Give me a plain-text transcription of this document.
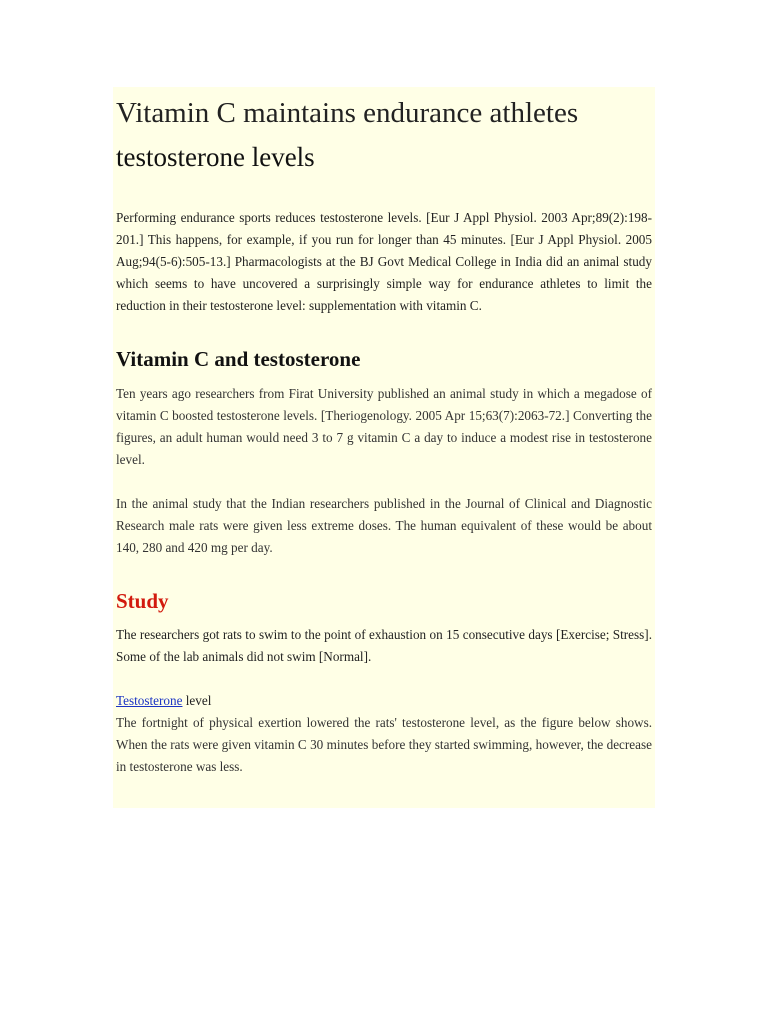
Vitamin C maintains endurance athletes
testosterone levels

Performing endurance sports reduces testosterone levels. [Eur J Appl Physiol. 2003 Apr;89(2):198-201.] This happens, for example, if you run for longer than 45 minutes. [Eur J Appl Physiol. 2005 Aug;94(5-6):505-13.] Pharmacologists at the BJ Govt Medical College in India did an animal study which seems to have uncovered a surprisingly simple way for endurance athletes to limit the reduction in their testosterone level: supplementation with vitamin C.

Vitamin C and testosterone

Ten years ago researchers from Firat University published an animal study in which a megadose of vitamin C boosted testosterone levels. [Theriogenology. 2005 Apr 15;63(7):2063-72.] Converting the figures, an adult human would need 3 to 7 g vitamin C a day to induce a modest rise in testosterone level.

In the animal study that the Indian researchers published in the Journal of Clinical and Diagnostic Research male rats were given less extreme doses. The human equivalent of these would be about 140, 280 and 420 mg per day.

Study

The researchers got rats to swim to the point of exhaustion on 15 consecutive days [Exercise; Stress]. Some of the lab animals did not swim [Normal].

Testosterone level

The fortnight of physical exertion lowered the rats' testosterone level, as the figure below shows. When the rats were given vitamin C 30 minutes before they started swimming, however, the decrease in testosterone was less.
